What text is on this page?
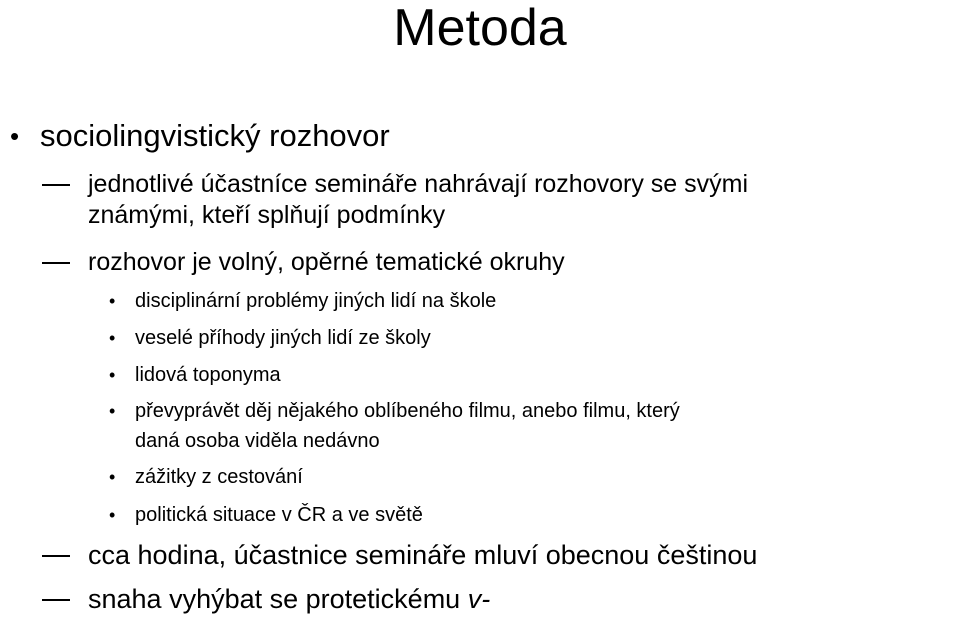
Metoda
• sociolingvistický rozhovor
jednotlivé účastníce semináře nahrávají rozhovory se svými
známými, kteří splňují podmínky
rozhovor je volný, opěrné tematické okruhy
• disciplinární problémy jiných lidí na škole
• veselé příhody jiných lidí ze školy
• lidová toponyma
• převyprávět děj nějakého oblíbeného filmu, anebo filmu, který
daná osoba viděla nedávno
• zážitky z cestování
• politická situace v ČR a ve světě
cca hodina, účastnice semináře mluví obecnou češtinou
snaha vyhýbat se protetickému v-
